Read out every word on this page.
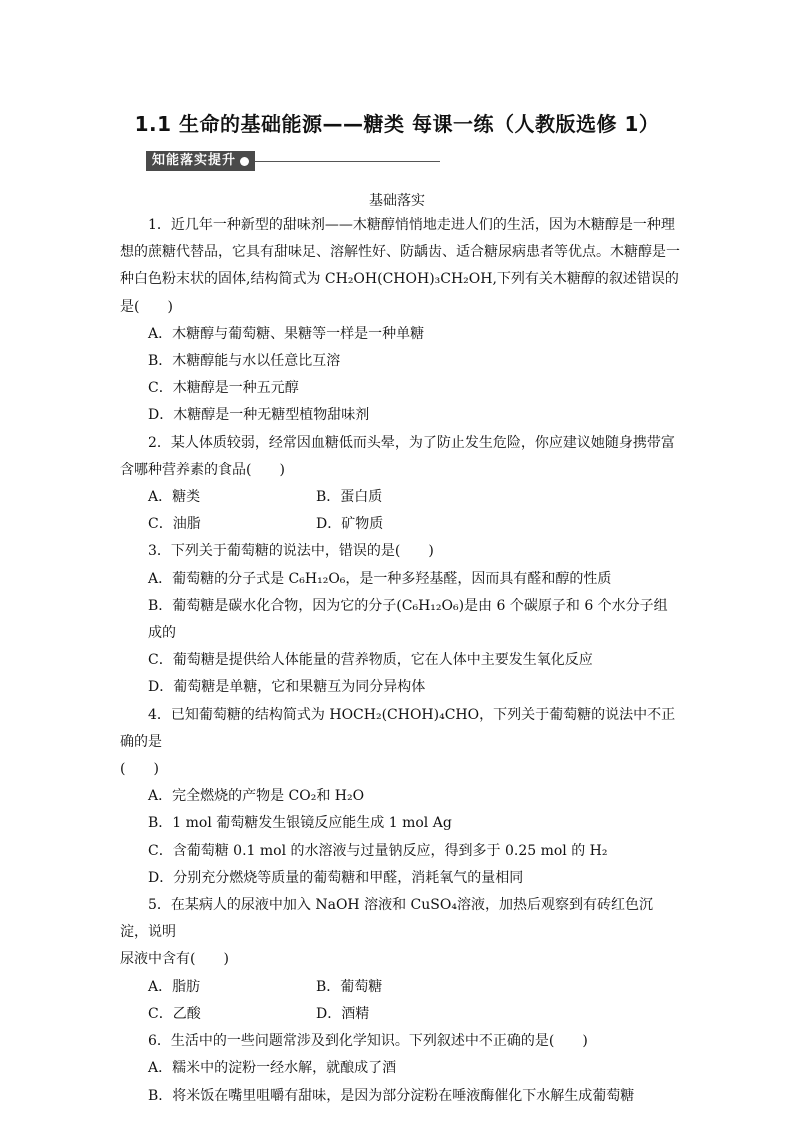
1.1 生命的基础能源——糖类 每课一练（人教版选修 1）
知能落实提升
基础落实

1．近几年一种新型的甜味剂——木糖醇悄悄地走进人们的生活，因为木糖醇是一种理

想的蔗糖代替品，它具有甜味足、溶解性好、防龋齿、适合糖尿病患者等优点。木糖醇是一

种白色粉末状的固体,结构简式为 CH₂OH(CHOH)₃CH₂OH,下列有关木糖醇的叙述错误的是(　　)

A．木糖醇与葡萄糖、果糖等一样是一种单糖

B．木糖醇能与水以任意比互溶

C．木糖醇是一种五元醇

D．木糖醇是一种无糖型植物甜味剂

2．某人体质较弱，经常因血糖低而头晕，为了防止发生危险，你应建议她随身携带富

含哪种营养素的食品(　　)

A．糖类	B．蛋白质
C．油脂	D．矿物质

3．下列关于葡萄糖的说法中，错误的是(　　)

A．葡萄糖的分子式是 C₆H₁₂O₆，是一种多羟基醛，因而具有醛和醇的性质

B．葡萄糖是碳水化合物，因为它的分子(C₆H₁₂O₆)是由 6 个碳原子和 6 个水分子组成的

C．葡萄糖是提供给人体能量的营养物质，它在人体中主要发生氧化反应

D．葡萄糖是单糖，它和果糖互为同分异构体

4．已知葡萄糖的结构简式为 HOCH₂(CHOH)₄CHO，下列关于葡萄糖的说法中不正确的是

(　　)

A．完全燃烧的产物是 CO₂和 H₂O

B．1 mol 葡萄糖发生银镜反应能生成 1 mol Ag

C．含葡萄糖 0.1 mol 的水溶液与过量钠反应，得到多于 0.25 mol 的 H₂

D．分别充分燃烧等质量的葡萄糖和甲醛，消耗氧气的量相同

5．在某病人的尿液中加入 NaOH 溶液和 CuSO₄溶液，加热后观察到有砖红色沉淀，说明

尿液中含有(　　)

A．脂肪	B．葡萄糖
C．乙酸	D．酒精

6．生活中的一些问题常涉及到化学知识。下列叙述中不正确的是(　　)

A．糯米中的淀粉一经水解，就酿成了酒

B．将米饭在嘴里咀嚼有甜味，是因为部分淀粉在唾液酶催化下水解生成葡萄糖
